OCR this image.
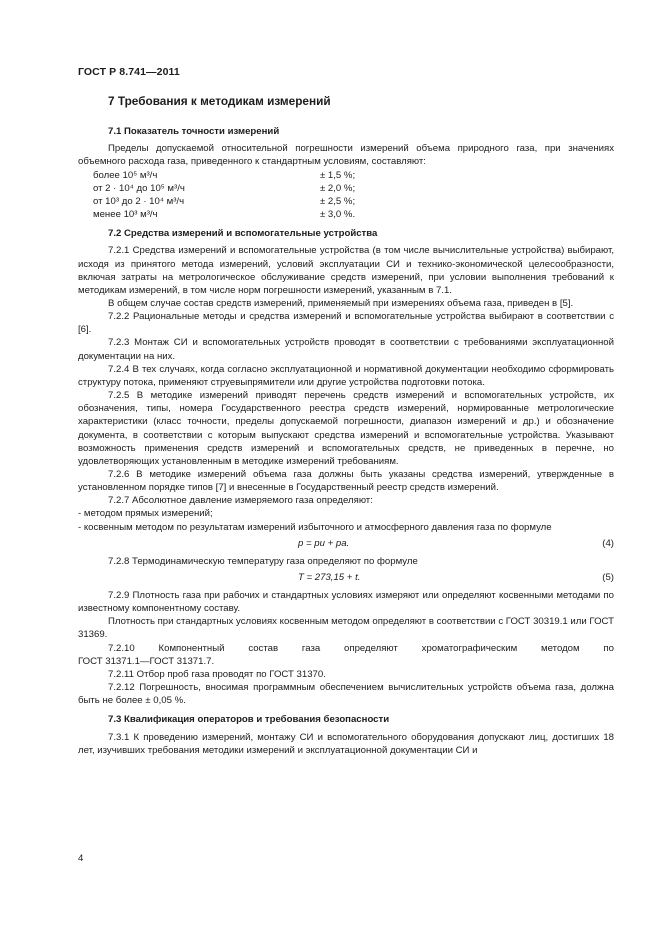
ГОСТ Р 8.741—2011
7 Требования к методикам измерений
7.1 Показатель точности измерений

Пределы допускаемой относительной погрешности измерений объема природного газа, при значениях объемного расхода газа, приведенного к стандартным условиям, составляют:

более 10⁵ м³/ч	± 1,5 %;
от 2 · 10⁴ до 10⁵ м³/ч	± 2,0 %;
от 10³ до 2 · 10⁴ м³/ч	± 2,5 %;
менее 10³ м³/ч	± 3,0 %.
7.2 Средства измерений и вспомогательные устройства

7.2.1 Средства измерений и вспомогательные устройства (в том числе вычислительные устройства) выбирают, исходя из принятого метода измерений, условий эксплуатации СИ и технико-экономической целесообразности, включая затраты на метрологическое обслуживание средств измерений, при условии выполнения требований к методикам измерений, в том числе норм погрешности измерений, указанным в 7.1.

В общем случае состав средств измерений, применяемый при измерениях объема газа, приведен в [5].

7.2.2 Рациональные методы и средства измерений и вспомогательные устройства выбирают в соответствии с [6].

7.2.3 Монтаж СИ и вспомогательных устройств проводят в соответствии с требованиями эксплуатационной документации на них.

7.2.4 В тех случаях, когда согласно эксплуатационной и нормативной документации необходимо сформировать структуру потока, применяют струевыпрямители или другие устройства подготовки потока.

7.2.5 В методике измерений приводят перечень средств измерений и вспомогательных устройств, их обозначения, типы, номера Государственного реестра средств измерений, нормированные метрологические характеристики (класс точности, пределы допускаемой погрешности, диапазон измерений и др.) и обозначение документа, в соответствии с которым выпускают средства измерений и вспомогательные устройства. Указывают возможность применения средств измерений и вспомогательных средств, не приведенных в перечне, но удовлетворяющих установленным в методике измерений требованиям.

7.2.6 В методике измерений объема газа должны быть указаны средства измерений, утвержденные в установленном порядке типов [7] и внесенные в Государственный реестр средств измерений.

7.2.7 Абсолютное давление измеряемого газа определяют:

- методом прямых измерений;

- косвенным методом по результатам измерений избыточного и атмосферного давления газа по формуле

p = pи + pа.	(4)

7.2.8 Термодинамическую температуру газа определяют по формуле

T = 273,15 + t.	(5)

7.2.9 Плотность газа при рабочих и стандартных условиях измеряют или определяют косвенными методами по известному компонентному составу.

Плотность при стандартных условиях косвенным методом определяют в соответствии с ГОСТ 30319.1 или ГОСТ 31369.

7.2.10 Компонентный состав газа определяют хроматографическим методом по

ГОСТ 31371.1—ГОСТ 31371.7.

7.2.11 Отбор проб газа проводят по ГОСТ 31370.

7.2.12 Погрешность, вносимая программным обеспечением вычислительных устройств объема газа, должна быть не более ± 0,05 %.

7.3 Квалификация операторов и требования безопасности

7.3.1 К проведению измерений, монтажу СИ и вспомогательного оборудования допускают лиц, достигших 18 лет, изучивших требования методики измерений и эксплуатационной документации СИ и

4
